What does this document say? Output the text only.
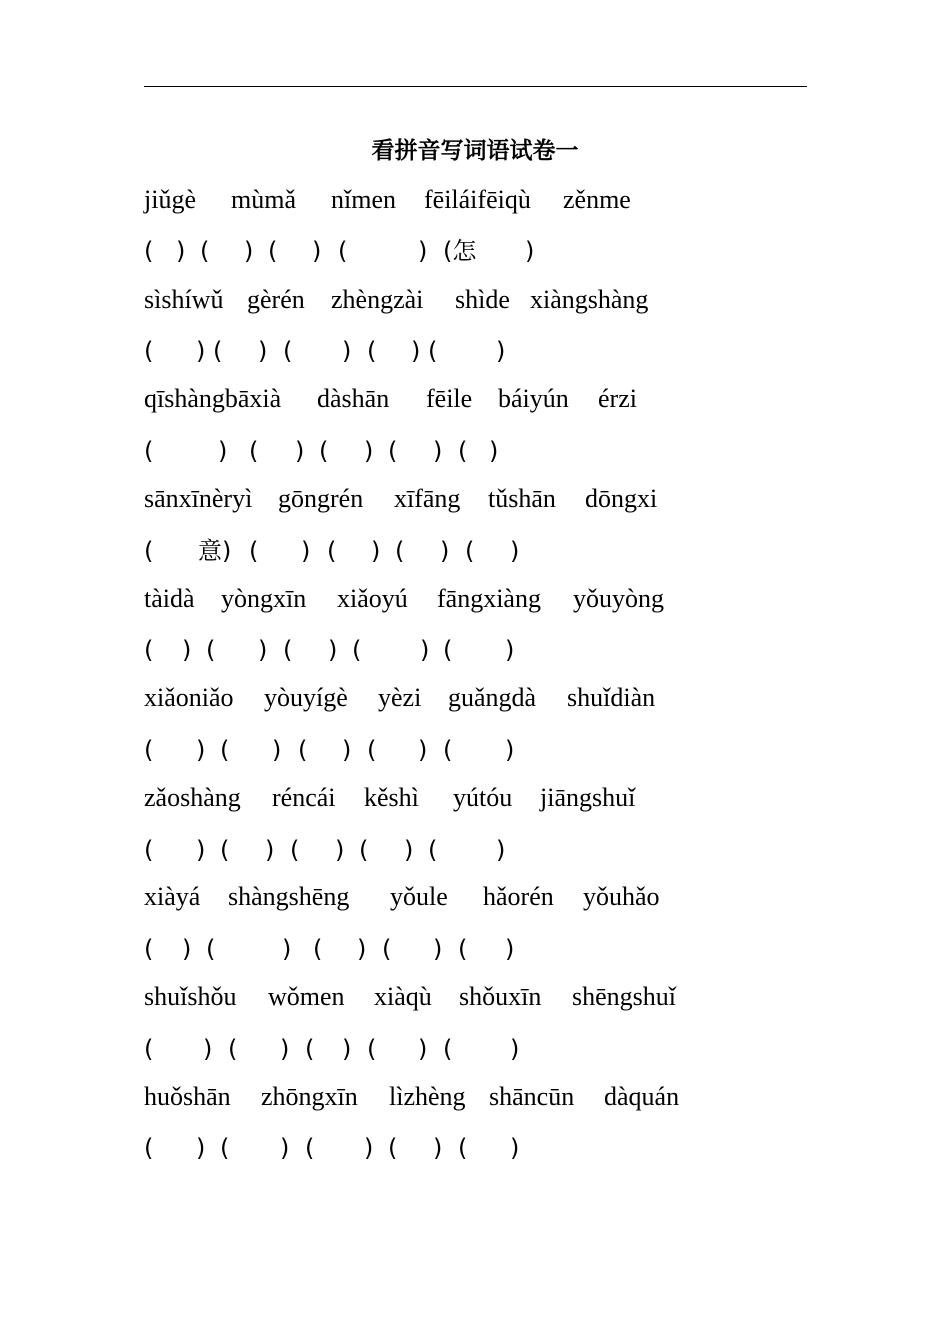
看拼音写词语试卷一
jiǔgè mùmǎ nǐmen fēiláifēiqù zěnme
( ) ( ) ( ) (	) (怎 )
sìshíwǔ gèrén zhèngzài shìde xiàngshàng
( ) ( ) ( ) ( ) ( )
qīshàngbāxià dàshān fēile báiyún érzi
(	) ( ) ( ) ( ) ( )
sānxīnèryì gōngrén xīfāng tǔshān dōngxi
( 意) ( ) ( ) ( ) ( )
tàidà yòngxīn xiǎoyú fāngxiàng yǒuyòng
( ) ( ) ( ) ( ) ( )
xiǎoniǎo yòuyígè yèzi guǎngdà shuǐdiàn
( ) ( ) ( ) ( ) ( )
zǎoshàng réncái kěshì yútóu jiāngshuǐ
( ) ( ) ( ) ( ) ( )
xiàyá shàngshēng yǒule hǎorén yǒuhǎo
( ) (	) ( ) ( ) ( )
shuǐshǒu wǒmen xiàqù shǒuxīn shēngshuǐ
( ) ( ) ( ) ( ) ( )
huǒshān zhōngxīn lìzhèng shāncūn dàquán
( ) ( ) ( ) ( ) ( )
